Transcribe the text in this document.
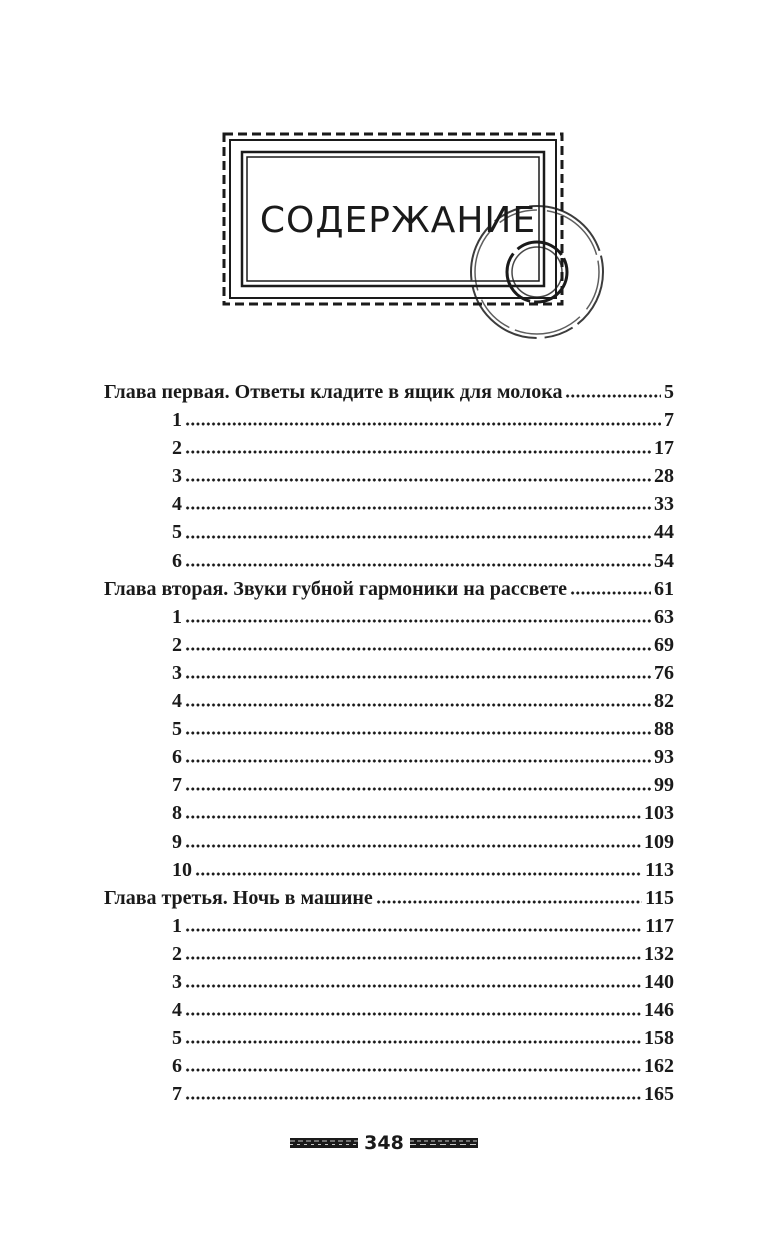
СОДЕРЖАНИЕ
Глава первая. Ответы кладите в ящик для молока	5
1	7
2	17
3	28
4	33
5	44
6	54
Глава вторая. Звуки губной гармоники на рассвете	61
1	63
2	69
3	76
4	82
5	88
6	93
7	99
8	103
9	109
10	113
Глава третья. Ночь в машине	115
1	117
2	132
3	140
4	146
5	158
6	162
7	165
348
